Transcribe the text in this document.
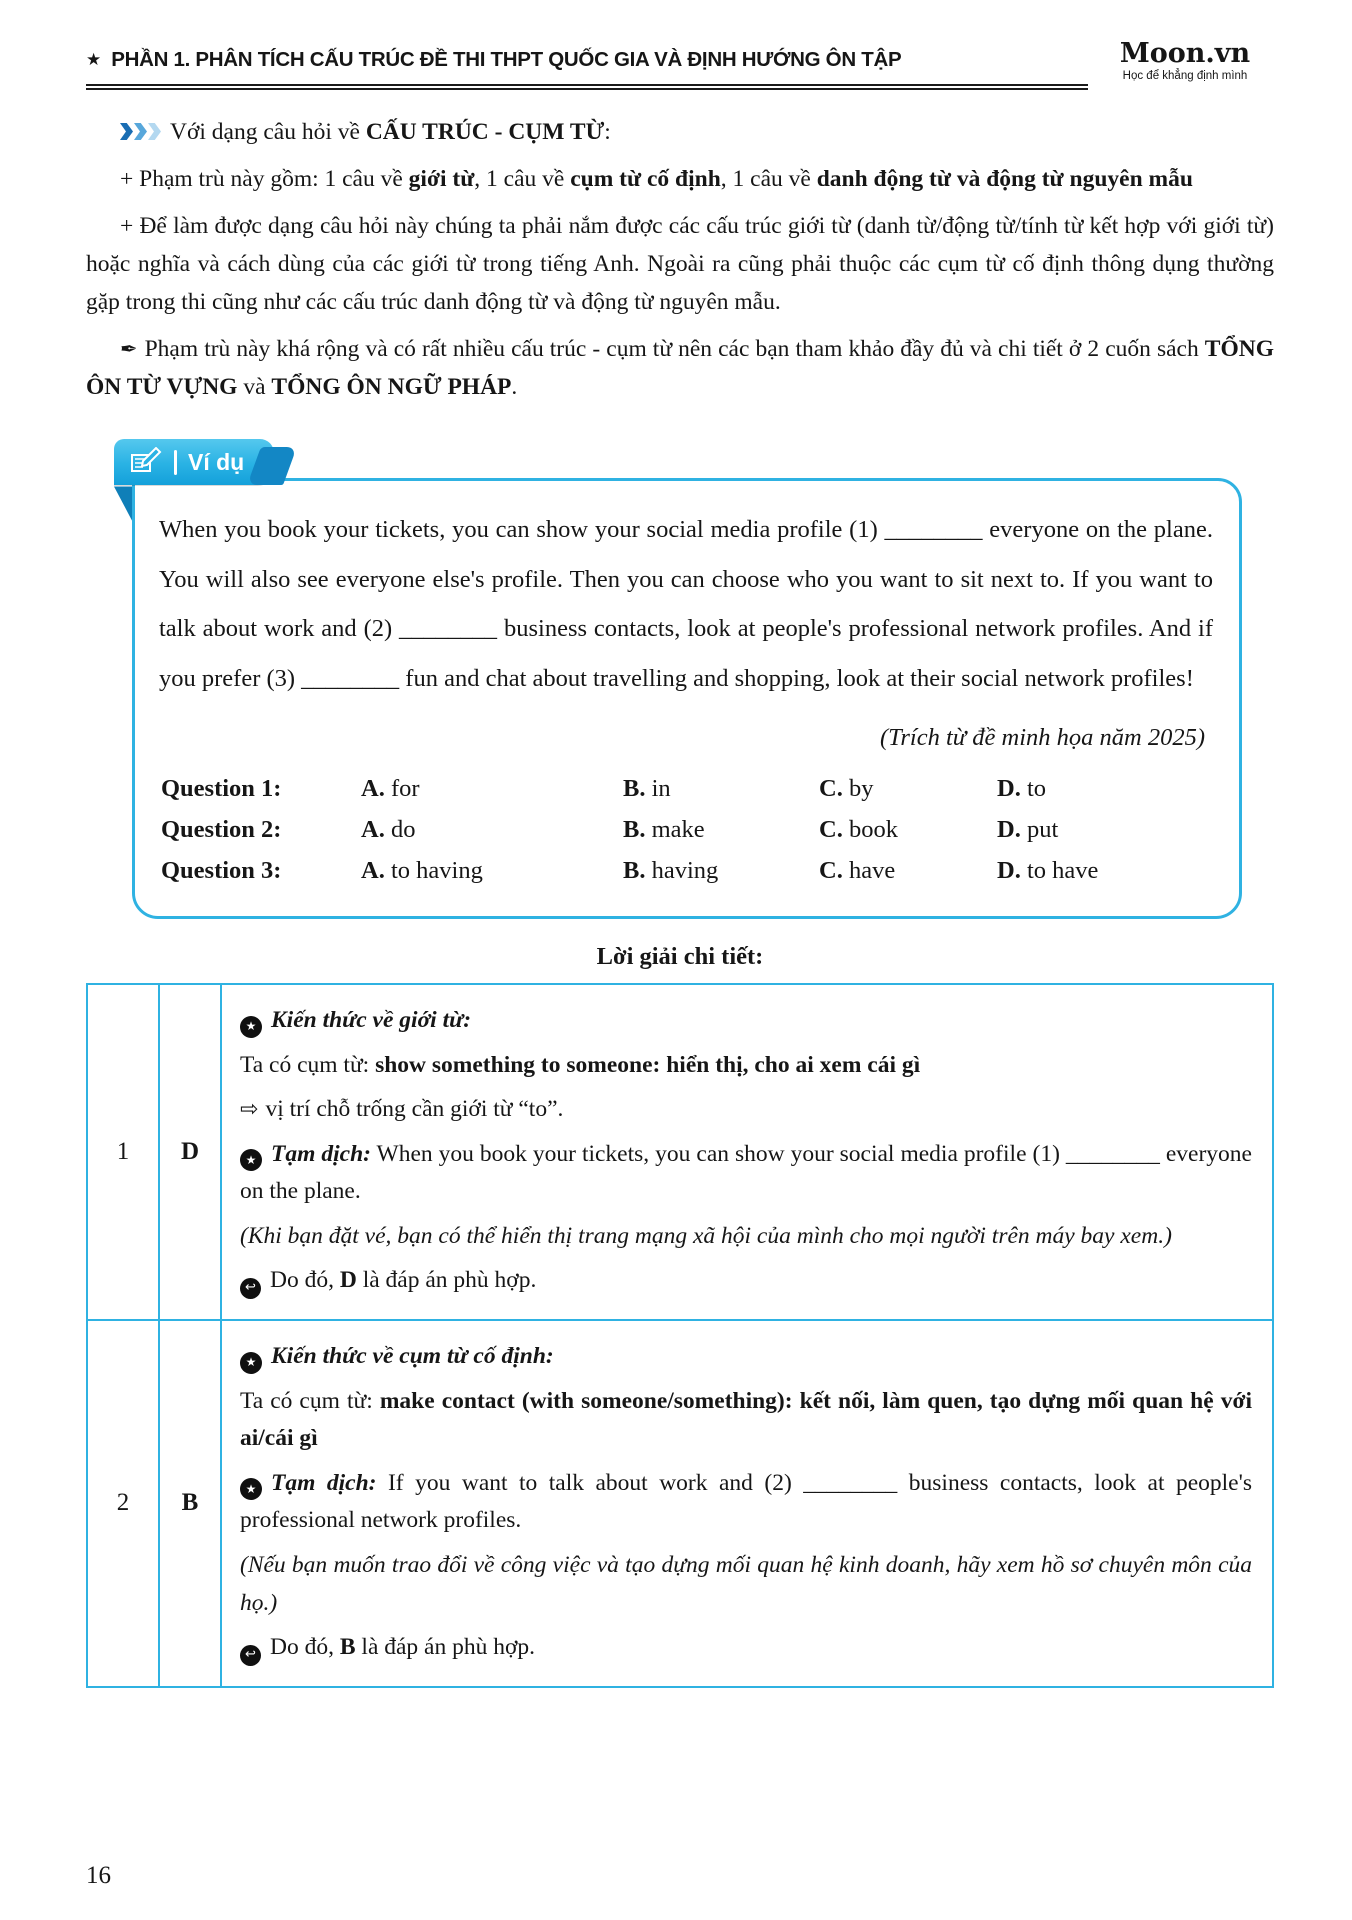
★ PHẦN 1. PHÂN TÍCH CẤU TRÚC ĐỀ THI THPT QUỐC GIA VÀ ĐỊNH HƯỚNG ÔN TẬP	Moon.vn
Học để khẳng định mình

Với dạng câu hỏi về CẤU TRÚC - CỤM TỪ:

+ Phạm trù này gồm: 1 câu về giới từ, 1 câu về cụm từ cố định, 1 câu về danh động từ và động từ nguyên mẫu

+ Để làm được dạng câu hỏi này chúng ta phải nắm được các cấu trúc giới từ (danh từ/động từ/tính từ kết hợp với giới từ) hoặc nghĩa và cách dùng của các giới từ trong tiếng Anh. Ngoài ra cũng phải thuộc các cụm từ cố định thông dụng thường gặp trong thi cũng như các cấu trúc danh động từ và động từ nguyên mẫu.

✒ Phạm trù này khá rộng và có rất nhiều cấu trúc - cụm từ nên các bạn tham khảo đầy đủ và chi tiết ở 2 cuốn sách TỔNG ÔN TỪ VỰNG và TỔNG ÔN NGỮ PHÁP.

Ví dụ

When you book your tickets, you can show your social media profile (1) ________ everyone on the plane. You will also see everyone else's profile. Then you can choose who you want to sit next to. If you want to talk about work and (2) ________ business contacts, look at people's professional network profiles. And if you prefer (3) ________ fun and chat about travelling and shopping, look at their social network profiles!

(Trích từ đề minh họa năm 2025)

Question 1:	A. for	B. in	C. by	D. to
Question 2:	A. do	B. make	C. book	D. put
Question 3:	A. to having	B. having	C. have	D. to have
Lời giải chi tiết:
1	D

★ Kiến thức về giới từ:

Ta có cụm từ: show something to someone: hiển thị, cho ai xem cái gì

⇨ vị trí chỗ trống cần giới từ “to”.

★ Tạm dịch: When you book your tickets, you can show your social media profile (1) ________ everyone on the plane.

(Khi bạn đặt vé, bạn có thể hiển thị trang mạng xã hội của mình cho mọi người trên máy bay xem.)

↩ Do đó, D là đáp án phù hợp.

2	B

★ Kiến thức về cụm từ cố định:

Ta có cụm từ: make contact (with someone/something): kết nối, làm quen, tạo dựng mối quan hệ với ai/cái gì

★ Tạm dịch: If you want to talk about work and (2) ________ business contacts, look at people's professional network profiles.

(Nếu bạn muốn trao đổi về công việc và tạo dựng mối quan hệ kinh doanh, hãy xem hồ sơ chuyên môn của họ.)

↩ Do đó, B là đáp án phù hợp.

16
